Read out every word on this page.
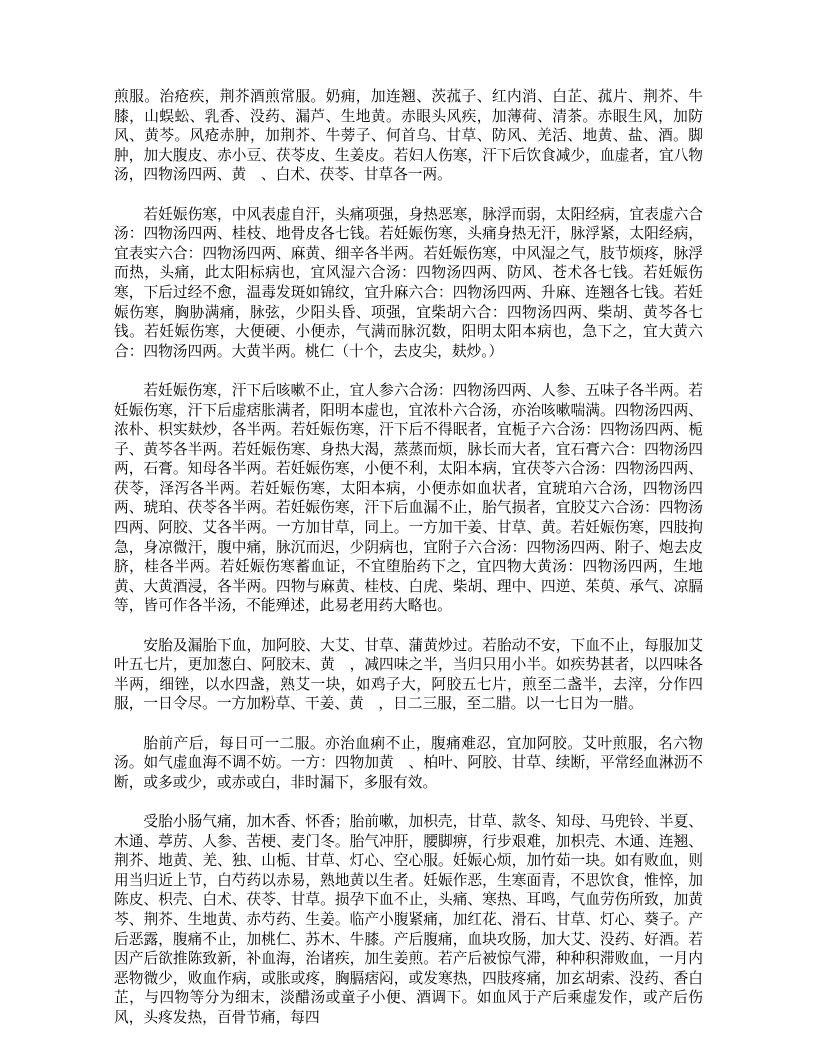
煎服。治疮疾，荆芥酒煎常服。奶痈，加连翘、茨菰子、红内消、白芷、菰片、荆芥、牛膝，山蜈蚣、乳香、没药、漏芦、生地黄。赤眼头风疾，加薄荷、清茶。赤眼生风，加防风、黄芩。风疮赤肿，加荆芥、牛蒡子、何首乌、甘草、防风、羌活、地黄、盐、酒。脚肿，加大腹皮、赤小豆、茯苓皮、生姜皮。若妇人伤寒，汗下后饮食减少，血虚者，宜八物汤，四物汤四两、黄　、白术、茯苓、甘草各一两。

若妊娠伤寒，中风表虚自汗，头痛项强，身热恶寒，脉浮而弱，太阳经病，宜表虚六合汤：四物汤四两、桂枝、地骨皮各七钱。若妊娠伤寒，头痛身热无汗，脉浮紧，太阳经病，宜表实六合：四物汤四两、麻黄、细辛各半两。若妊娠伤寒，中风湿之气，肢节烦疼，脉浮而热，头痛，此太阳标病也，宜风湿六合汤：四物汤四两、防风、苍术各七钱。若妊娠伤寒，下后过经不愈，温毒发斑如锦纹，宜升麻六合：四物汤四两、升麻、连翘各七钱。若妊娠伤寒，胸胁满痛，脉弦，少阳头昏、项强，宜柴胡六合：四物汤四两、柴胡、黄芩各七钱。若妊娠伤寒，大便硬、小便赤，气满而脉沉数，阳明太阳本病也，急下之，宜大黄六合：四物汤四两。大黄半两。桃仁（十个，去皮尖，麸炒。）

若妊娠伤寒，汗下后咳嗽不止，宜人参六合汤：四物汤四两、人参、五味子各半两。若妊娠伤寒，汗下后虚痞胀满者，阳明本虚也，宜浓朴六合汤，亦治咳嗽喘满。四物汤四两、浓朴、枳实麸炒，各半两。若妊娠伤寒，汗下后不得眠者，宜栀子六合汤：四物汤四两、栀子、黄芩各半两。若妊娠伤寒、身热大渴，蒸蒸而烦，脉长而大者，宜石膏六合：四物汤四两，石膏。知母各半两。若妊娠伤寒，小便不利，太阳本病，宜茯苓六合汤：四物汤四两、茯苓，泽泻各半两。若妊娠伤寒，太阳本病，小便赤如血状者，宜琥珀六合汤，四物汤四两、琥珀、茯苓各半两。若妊娠伤寒，汗下后血漏不止，胎气损者，宜胶艾六合汤：四物汤四两、阿胶、艾各半两。一方加甘草，同上。一方加干姜、甘草、黄。若妊娠伤寒，四肢拘急，身凉微汗，腹中痛，脉沉而迟，少阴病也，宜附子六合汤：四物汤四两、附子、炮去皮脐，桂各半两。若妊娠伤寒蓄血证，不宜堕胎药下之，宜四物大黄汤：四物汤四两，生地黄、大黄酒浸，各半两。四物与麻黄、桂枝、白虎、柴胡、理中、四逆、茱萸、承气、凉膈等，皆可作各半汤，不能殚述，此易老用药大略也。

安胎及漏胎下血，加阿胶、大艾、甘草、蒲黄炒过。若胎动不安，下血不止，每服加艾叶五七片，更加葱白、阿胶末、黄　，减四味之半，当归只用小半。如疾势甚者，以四味各半两，细锉，以水四盏，熟艾一块，如鸡子大，阿胶五七片，煎至二盏半，去滓，分作四服，一日令尽。一方加粉草、干姜、黄　，日二三服，至二腊。以一七日为一腊。

胎前产后，每日可一二服。亦治血痢不止，腹痛难忍，宜加阿胶。艾叶煎服，名六物汤。如气虚血海不调不妨。一方：四物加黄　、柏叶、阿胶、甘草、续断，平常经血淋沥不断，或多或少，或赤或白，非时漏下，多服有效。

受胎小肠气痛，加木香、怀香；胎前嗽，加枳壳，甘草、款冬、知母、马兜铃、半夏、木通、葶苈、人参、苦梗、麦门冬。胎气冲肝，腰脚痹，行步艰难，加枳壳、木通、连翘、荆芥、地黄、羌、独、山栀、甘草、灯心、空心服。妊娠心烦，加竹茹一块。如有败血，则用当归近上节，白芍药以赤易，熟地黄以生者。妊娠作恶，生寒面青，不思饮食，惟悴，加陈皮、枳壳、白术、茯苓、甘草。损孕下血不止，头痛、寒热、耳鸣，气血劳伤所致，加黄芩、荆芥、生地黄、赤芍药、生姜。临产小腹紧痛，加红花、滑石、甘草、灯心、葵子。产后恶露，腹痛不止，加桃仁、苏木、牛膝。产后腹痛，血块攻肠，加大艾、没药、好酒。若因产后欲推陈致新，补血海，治诸疾，加生姜煎。若产后被惊气滞，种种积滞败血，一月内恶物微少，败血作病，或胀或疼，胸膈痞闷，或发寒热，四肢疼痛，加玄胡索、没药、香白芷，与四物等分为细末，淡醋汤或童子小便、酒调下。如血风于产后乘虚发作，或产后伤风，头疼发热，百骨节痛，每四
